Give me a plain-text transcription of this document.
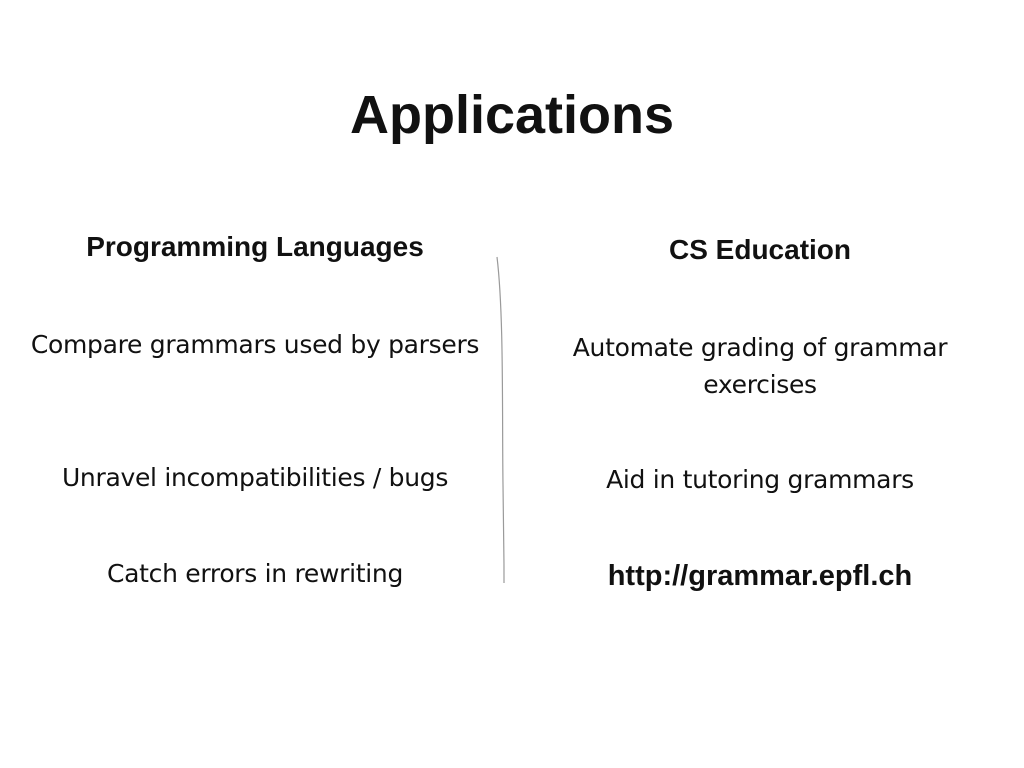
Applications
Programming Languages

Compare grammars used by parsers

Unravel incompatibilities / bugs

Catch errors in rewriting

CS Education

Automate grading of grammar exercises

Aid in tutoring grammars

http://grammar.epfl.ch
